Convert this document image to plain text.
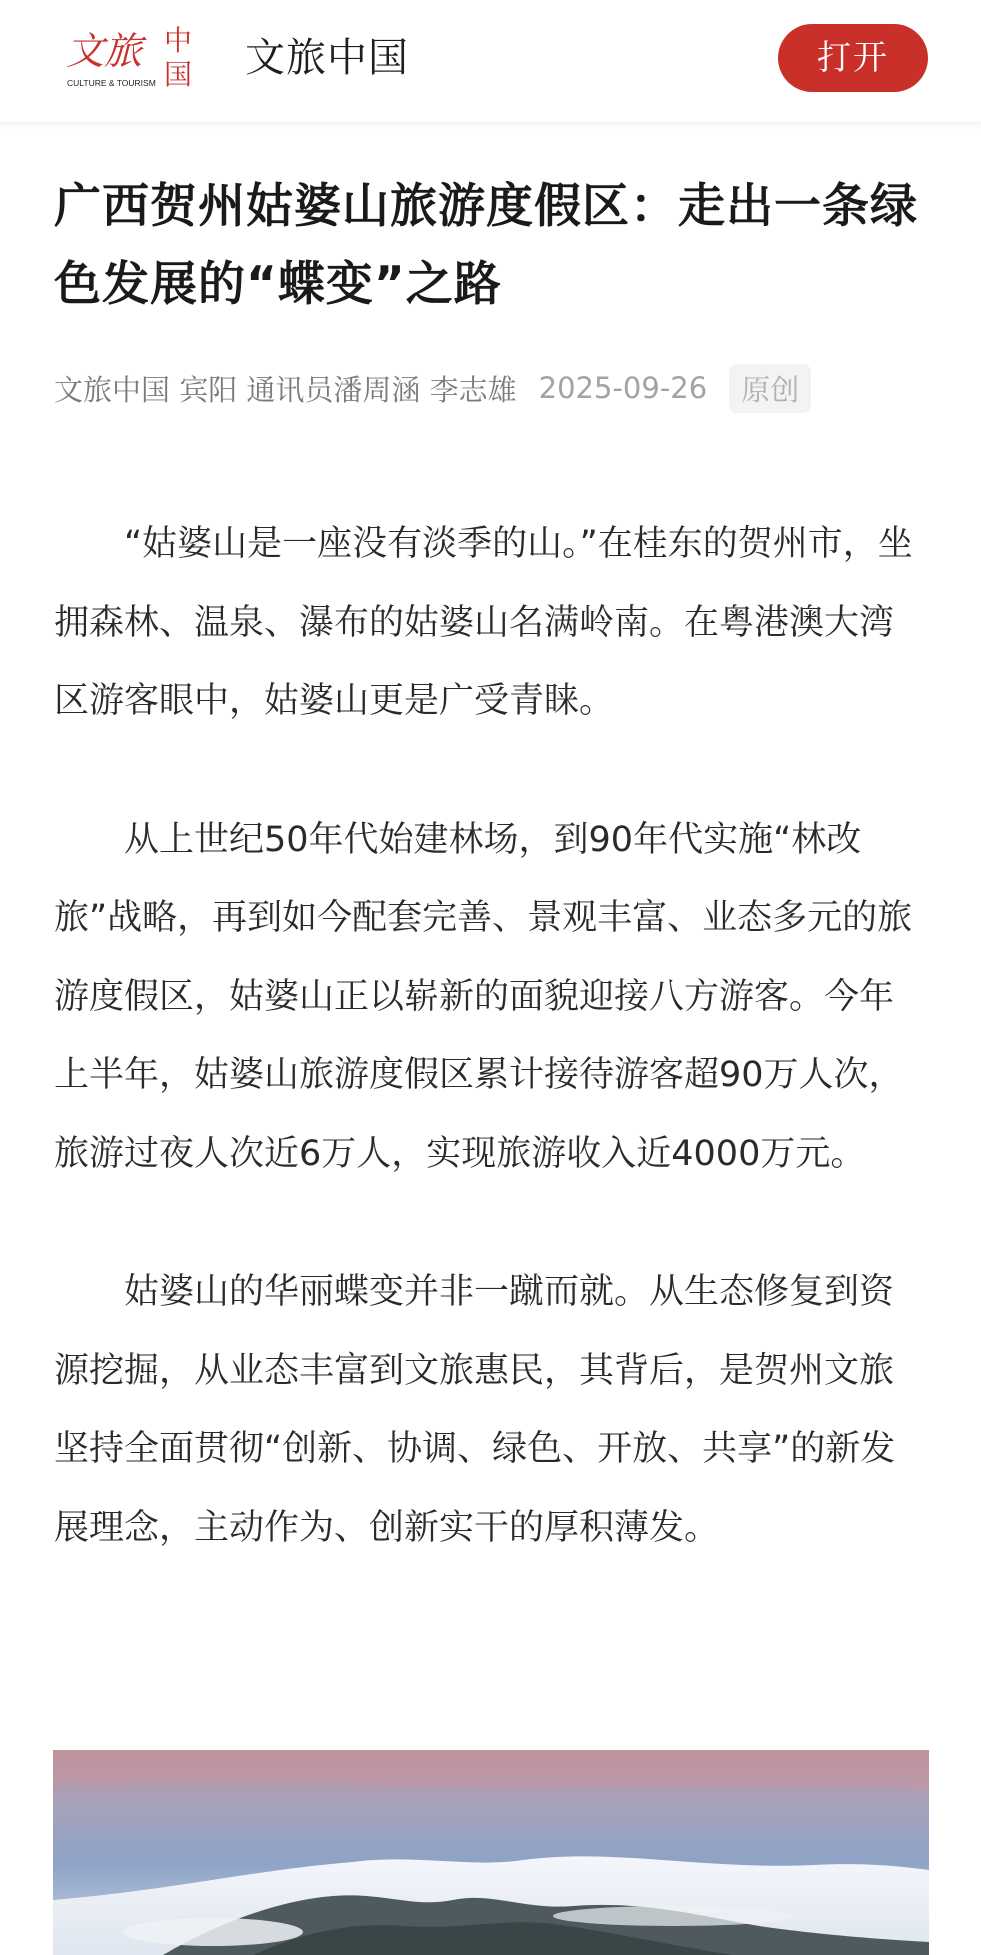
文旅 中
国
CULTURE & TOURISM
文旅中国	打开
广西贺州姑婆山旅游度假区：走出一条绿色发展的“蝶变”之路
文旅中国 宾阳 通讯员潘周涵 李志雄 2025-09-26	原创

“姑婆山是一座没有淡季的山。”在桂东的贺州市，坐拥森林、温泉、瀑布的姑婆山名满岭南。在粤港澳大湾区游客眼中，姑婆山更是广受青睐。

从上世纪50年代始建林场，到90年代实施“林改旅”战略，再到如今配套完善、景观丰富、业态多元的旅游度假区，姑婆山正以崭新的面貌迎接八方游客。今年上半年，姑婆山旅游度假区累计接待游客超90万人次，旅游过夜人次近6万人，实现旅游收入近4000万元。

姑婆山的华丽蝶变并非一蹴而就。从生态修复到资源挖掘，从业态丰富到文旅惠民，其背后，是贺州文旅坚持全面贯彻“创新、协调、绿色、开放、共享”的新发展理念，主动作为、创新实干的厚积薄发。
